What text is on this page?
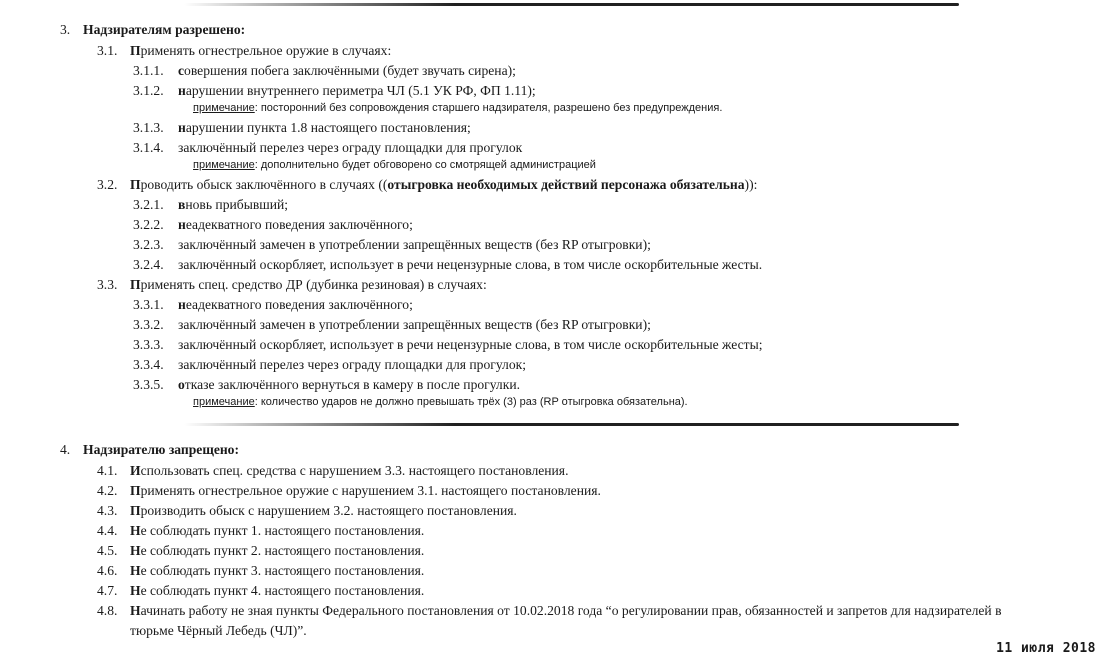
3. Надзирателям разрешено:
3.1. Применять огнестрельное оружие в случаях:
3.1.1. совершения побега заключёнными (будет звучать сирена);
3.1.2. нарушении внутреннего периметра ЧЛ (5.1 УК РФ, ФП 1.11);
примечание: посторонний без сопровождения старшего надзирателя, разрешено без предупреждения.
3.1.3. нарушении пункта 1.8 настоящего постановления;
3.1.4. заключённый перелез через ограду площадки для прогулок
примечание: дополнительно будет обговорено со смотрящей администрацией
3.2. Проводить обыск заключённого в случаях ((отыгровка необходимых действий персонажа обязательна)):
3.2.1. вновь прибывший;
3.2.2. неадекватного поведения заключённого;
3.2.3. заключённый замечен в употреблении запрещённых веществ (без RP отыгровки);
3.2.4. заключённый оскорбляет, использует в речи нецензурные слова, в том числе оскорбительные жесты.
3.3. Применять спец. средство ДР (дубинка резиновая) в случаях:
3.3.1. неадекватного поведения заключённого;
3.3.2. заключённый замечен в употреблении запрещённых веществ (без RP отыгровки);
3.3.3. заключённый оскорбляет, использует в речи нецензурные слова, в том числе оскорбительные жесты;
3.3.4. заключённый перелез через ограду площадки для прогулок;
3.3.5. отказе заключённого вернуться в камеру в после прогулки.
примечание: количество ударов не должно превышать трёх (3) раз (RP отыгровка обязательна).
4. Надзирателю запрещено:
4.1. Использовать спец. средства с нарушением 3.3. настоящего постановления.
4.2. Применять огнестрельное оружие с нарушением 3.1. настоящего постановления.
4.3. Производить обыск с нарушением 3.2. настоящего постановления.
4.4. Не соблюдать пункт 1. настоящего постановления.
4.5. Не соблюдать пункт 2. настоящего постановления.
4.6. Не соблюдать пункт 3. настоящего постановления.
4.7. Не соблюдать пункт 4. настоящего постановления.
4.8. Начинать работу не зная пункты Федерального постановления от 10.02.2018 года “о регулировании прав, обязанностей и запретов для надзирателей в
тюрьме Чёрный Лебедь (ЧЛ)”.
11 июля 2018
